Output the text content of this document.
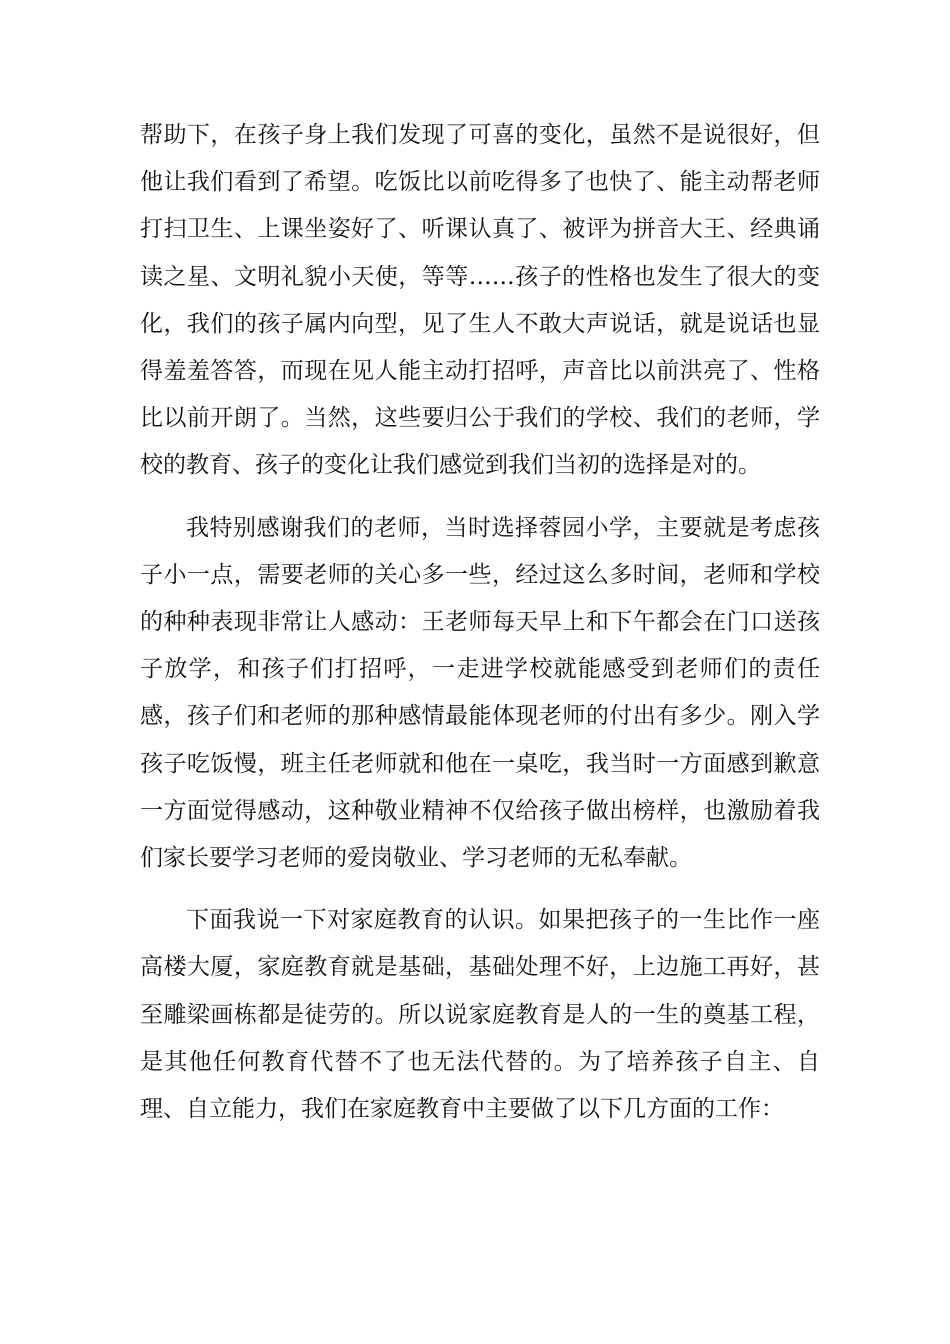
帮助下，在孩子身上我们发现了可喜的变化，虽然不是说很好，但他让我们看到了希望。吃饭比以前吃得多了也快了、能主动帮老师打扫卫生、上课坐姿好了、听课认真了、被评为拼音大王、经典诵读之星、文明礼貌小天使，等等……孩子的性格也发生了很大的变化，我们的孩子属内向型，见了生人不敢大声说话，就是说话也显得羞羞答答，而现在见人能主动打招呼，声音比以前洪亮了、性格比以前开朗了。当然，这些要归公于我们的学校、我们的老师，学校的教育、孩子的变化让我们感觉到我们当初的选择是对的。

我特别感谢我们的老师，当时选择蓉园小学，主要就是考虑孩子小一点，需要老师的关心多一些，经过这么多时间，老师和学校的种种表现非常让人感动：王老师每天早上和下午都会在门口送孩子放学，和孩子们打招呼，一走进学校就能感受到老师们的责任感，孩子们和老师的那种感情最能体现老师的付出有多少。刚入学孩子吃饭慢，班主任老师就和他在一桌吃，我当时一方面感到歉意一方面觉得感动，这种敬业精神不仅给孩子做出榜样，也激励着我们家长要学习老师的爱岗敬业、学习老师的无私奉献。

下面我说一下对家庭教育的认识。如果把孩子的一生比作一座高楼大厦，家庭教育就是基础，基础处理不好，上边施工再好，甚至雕梁画栋都是徒劳的。所以说家庭教育是人的一生的奠基工程，是其他任何教育代替不了也无法代替的。为了培养孩子自主、自理、自立能力，我们在家庭教育中主要做了以下几方面的工作：
